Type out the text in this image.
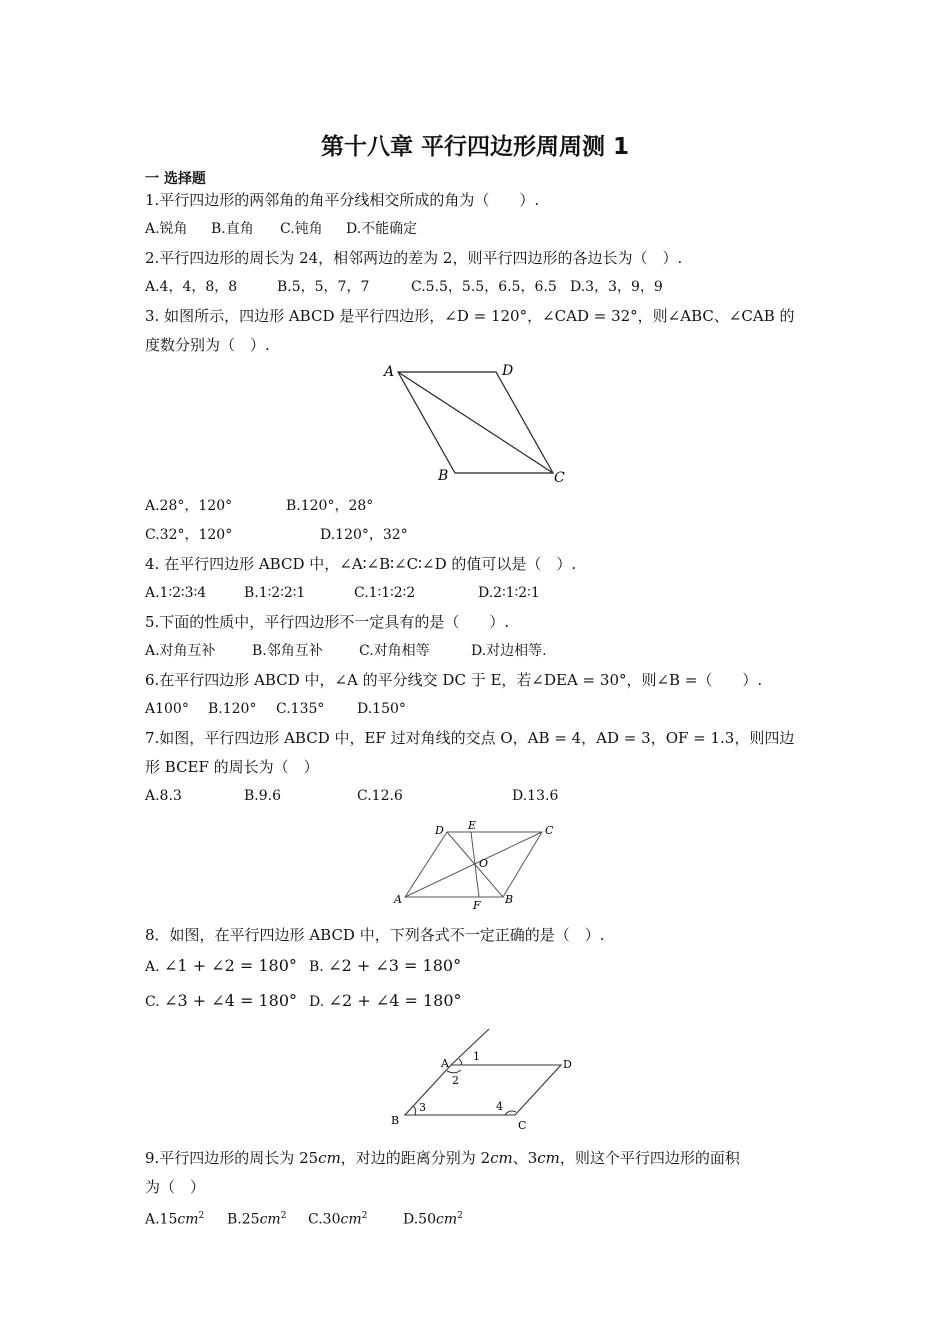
第十八章 平行四边形周周测 1
一 选择题
1.平行四边形的两邻角的角平分线相交所成的角为（　　）.
A.锐角 B.直角 C.钝角 D.不能确定
2.平行四边形的周长为 24，相邻两边的差为 2，则平行四边形的各边长为（　）.
A.4，4，8，8	B.5，5，7，7	C.5.5，5.5，6.5，6.5 D.3，3，9，9
3. 如图所示，四边形 ABCD 是平行四边形，∠D = 120°，∠CAD = 32°，则∠ABC、∠CAB 的
度数分别为（　）.
A	D
B	C
A.28°，120°	B.120°，28°
C.32°，120°	D.120°，32°
4. 在平行四边形 ABCD 中，∠A∶∠B∶∠C∶∠D 的值可以是（　）.
A.1∶2∶3∶4	B.1∶2∶2∶1	C.1∶1∶2∶2	D.2∶1∶2∶1
5.下面的性质中，平行四边形不一定具有的是（　　）.
A.对角互补	B.邻角互补	C.对角相等	D.对边相等.
6.在平行四边形 ABCD 中，∠A 的平分线交 DC 于 E，若∠DEA = 30°，则∠B =（　　）.
A100° B.120° C.135° D.150°
7.如图，平行四边形 ABCD 中，EF 过对角线的交点 O，AB = 4，AD = 3，OF = 1.3，则四边
形 BCEF 的周长为（　）
A.8.3	B.9.6	C.12.6	D.13.6
D E	C
O
A	F B
8．如图，在平行四边形 ABCD 中，下列各式不一定正确的是（　）.
A. ∠1 + ∠2 = 180° B. ∠2 + ∠3 = 180°
C. ∠3 + ∠4 = 180° D. ∠2 + ∠4 = 180°
A
1
D
2
B
3	4
C
9.平行四边形的周长为 25cm，对边的距离分别为 2cm、3cm，则这个平行四边形的面积
为（　）
$A.15cm^2$ $B.25cm^2$ $C.30cm^2$	$D.50cm^2$
